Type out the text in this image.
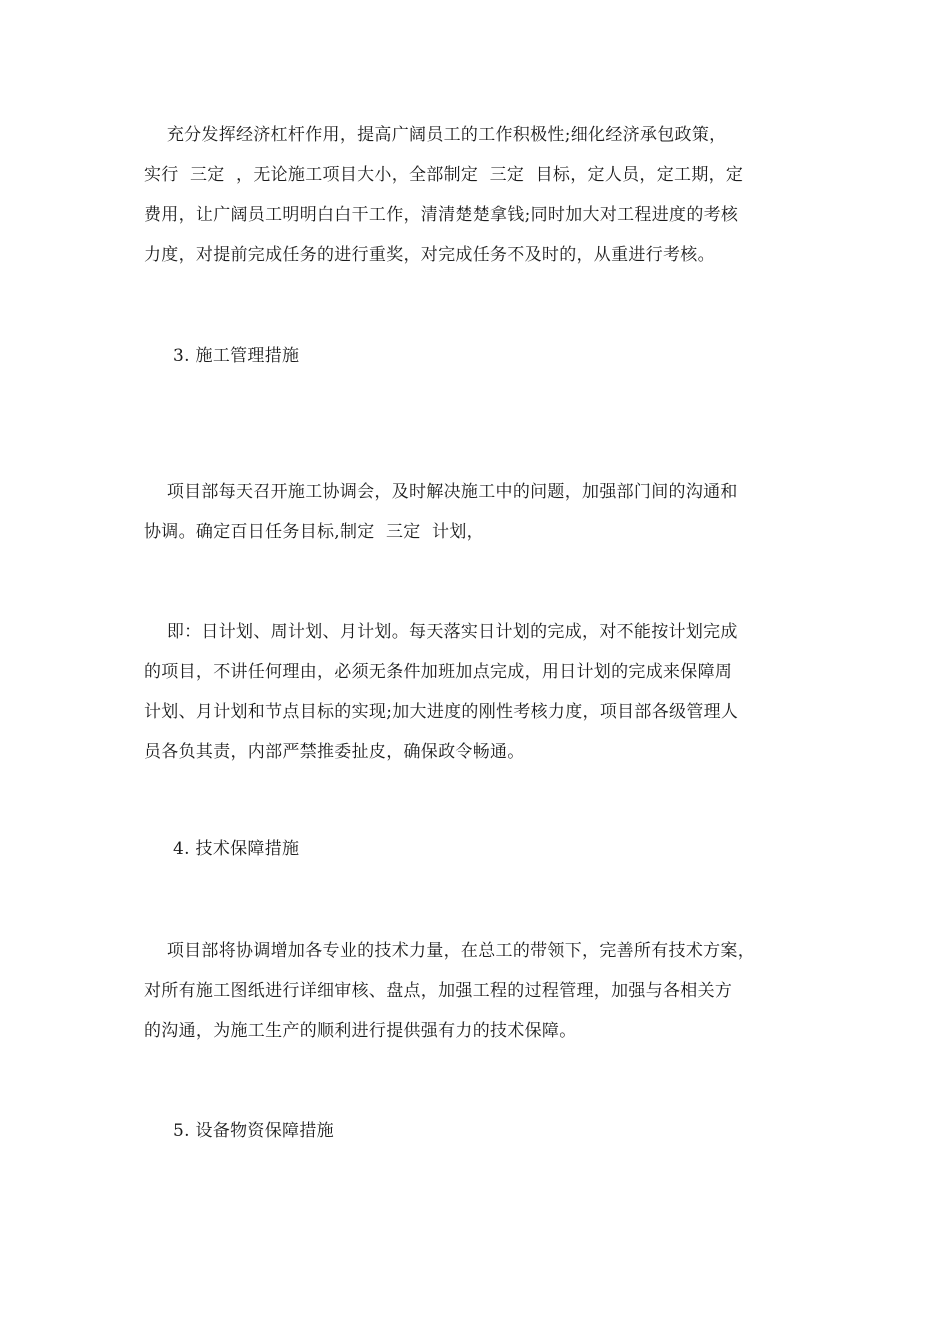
充分发挥经济杠杆作用，提高广阔员工的工作积极性;细化经济承包政策，
实行  三定  ，无论施工项目大小，全部制定  三定  目标，定人员，定工期，定
费用，让广阔员工明明白白干工作，清清楚楚拿钱;同时加大对工程进度的考核
力度，对提前完成任务的进行重奖，对完成任务不及时的，从重进行考核。
3. 施工管理措施
项目部每天召开施工协调会，及时解决施工中的问题，加强部门间的沟通和
协调。确定百日任务目标,制定  三定  计划，
即：日计划、周计划、月计划。每天落实日计划的完成，对不能按计划完成
的项目，不讲任何理由，必须无条件加班加点完成，用日计划的完成来保障周
计划、月计划和节点目标的实现;加大进度的刚性考核力度，项目部各级管理人
员各负其责，内部严禁推委扯皮，确保政令畅通。
4. 技术保障措施
项目部将协调增加各专业的技术力量，在总工的带领下，完善所有技术方案，
对所有施工图纸进行详细审核、盘点，加强工程的过程管理，加强与各相关方
的沟通，为施工生产的顺利进行提供强有力的技术保障。
5. 设备物资保障措施
